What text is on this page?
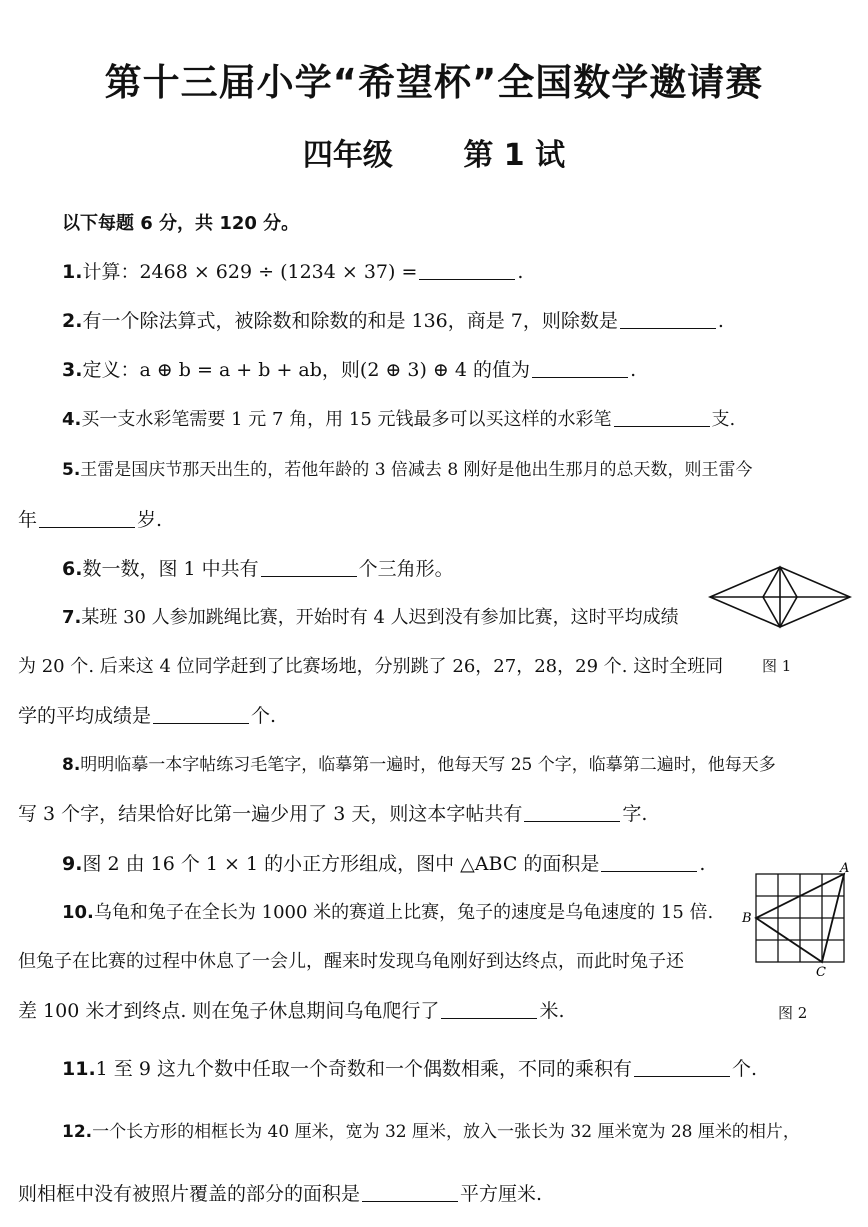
第十三届小学“希望杯”全国数学邀请赛
四年级 第 1 试
以下每题 6 分，共 120 分。
1.计算：2468 × 629 ÷ (1234 × 37) =	.
2.有一个除法算式，被除数和除数的和是 136，商是 7，则除数是	.
3.定义：a ⊕ b = a + b + ab，则(2 ⊕ 3) ⊕ 4 的值为	.
4.买一支水彩笔需要 1 元 7 角，用 15 元钱最多可以买这样的水彩笔	支.
5.王雷是国庆节那天出生的，若他年龄的 3 倍减去 8 刚好是他出生那月的总天数，则王雷今
年	岁.
6.数一数，图 1 中共有	个三角形。
7.某班 30 人参加跳绳比赛，开始时有 4 人迟到没有参加比赛，这时平均成绩
为 20 个. 后来这 4 位同学赶到了比赛场地，分别跳了 26，27，28，29 个. 这时全班同
学的平均成绩是	个.
图 1
8.明明临摹一本字帖练习毛笔字，临摹第一遍时，他每天写 25 个字，临摹第二遍时，他每天多
写 3 个字，结果恰好比第一遍少用了 3 天，则这本字帖共有	字.
9.图 2 由 16 个 1 × 1 的小正方形组成，图中 △ABC 的面积是	.
10.乌龟和兔子在全长为 1000 米的赛道上比赛，兔子的速度是乌龟速度的 15 倍.
但兔子在比赛的过程中休息了一会儿，醒来时发现乌龟刚好到达终点，而此时兔子还
差 100 米才到终点. 则在兔子休息期间乌龟爬行了	米.
A
B
C
图 2
11.1 至 9 这九个数中任取一个奇数和一个偶数相乘，不同的乘积有	个.
12.一个长方形的相框长为 40 厘米，宽为 32 厘米，放入一张长为 32 厘米宽为 28 厘米的相片，
则相框中没有被照片覆盖的部分的面积是	平方厘米.
